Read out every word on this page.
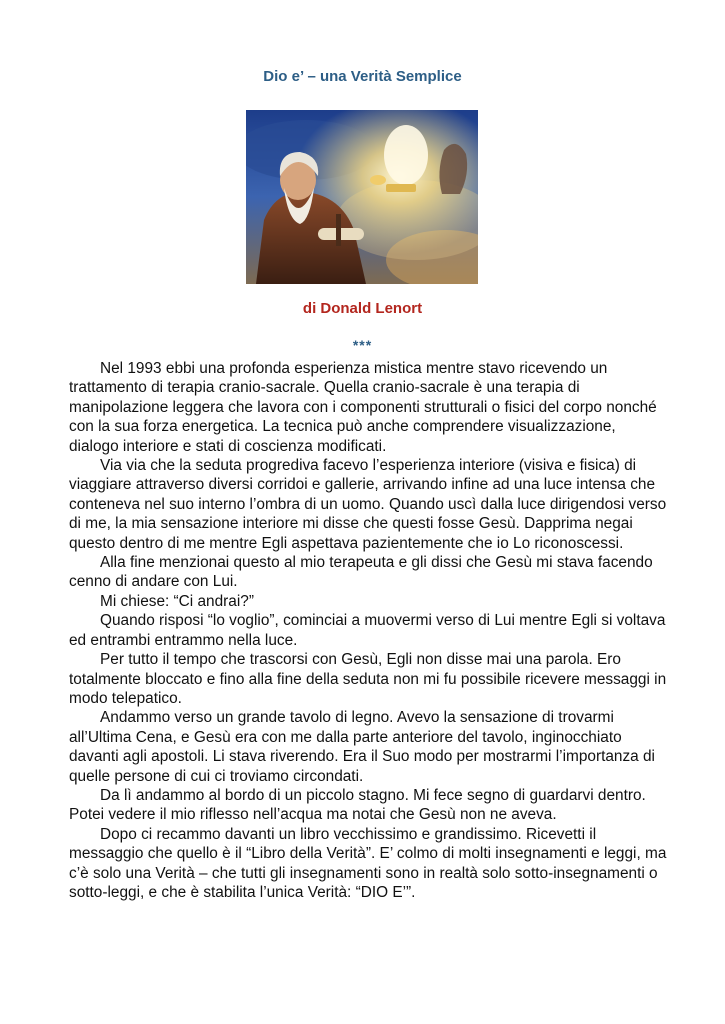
Dio e’ – una Verità Semplice
di Donald Lenort
***

Nel 1993 ebbi una profonda esperienza mistica mentre stavo ricevendo un trattamento di terapia cranio-sacrale. Quella cranio-sacrale è una terapia di manipolazione leggera che lavora con i componenti strutturali o fisici del corpo nonché con la sua forza energetica. La tecnica può anche comprendere visualizzazione, dialogo interiore e stati di coscienza modificati.

Via via che la seduta progrediva facevo l’esperienza interiore (visiva e fisica) di viaggiare attraverso diversi corridoi e gallerie, arrivando infine ad una luce intensa che conteneva nel suo interno l’ombra di un uomo. Quando uscì dalla luce dirigendosi verso di me, la mia sensazione interiore mi disse che questi fosse Gesù. Dapprima negai questo dentro di me mentre Egli aspettava pazientemente che io Lo riconoscessi.

Alla fine menzionai questo al mio terapeuta e gli dissi che Gesù mi stava facendo cenno di andare con Lui.

Mi chiese: “Ci andrai?”

Quando risposi “lo voglio”, cominciai a muovermi verso di Lui mentre Egli si voltava ed entrambi entrammo nella luce.

Per tutto il tempo che trascorsi con Gesù, Egli non disse mai una parola. Ero totalmente bloccato e fino alla fine della seduta non mi fu possibile ricevere messaggi in modo telepatico.

Andammo verso un grande tavolo di legno. Avevo la sensazione di trovarmi all’Ultima Cena, e Gesù era con me dalla parte anteriore del tavolo, inginocchiato davanti agli apostoli. Li stava riverendo. Era il Suo modo per mostrarmi l’importanza di quelle persone di cui ci troviamo circondati.

Da lì andammo al bordo di un piccolo stagno. Mi fece segno di guardarvi dentro. Potei vedere il mio riflesso nell’acqua ma notai che Gesù non ne aveva.

Dopo ci recammo davanti un libro vecchissimo e grandissimo. Ricevetti il messaggio che quello è il “Libro della Verità”. E’ colmo di molti insegnamenti e leggi, ma c’è solo una Verità – che tutti gli insegnamenti sono in realtà solo sotto-insegnamenti o sotto-leggi, e che è stabilita l’unica Verità: “DIO E’”.
